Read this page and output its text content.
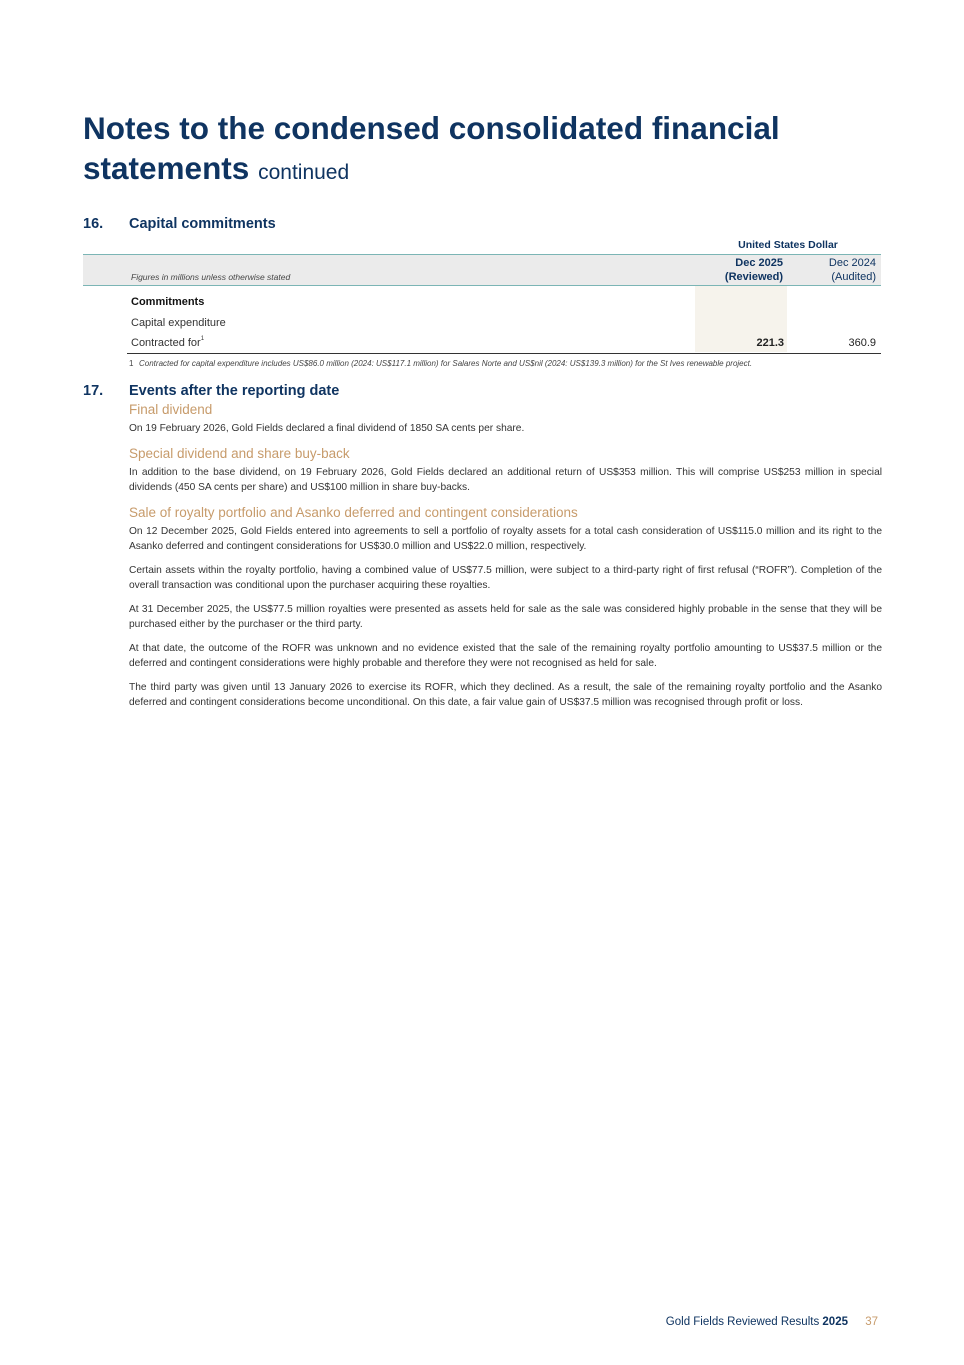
Notes to the condensed consolidated financial statements continued
16. Capital commitments
United States Dollar
Figures in millions unless otherwise stated
Dec 2025
(Reviewed)
Dec 2024
(Audited)
Commitments
Capital expenditure
Contracted for$^1$	221.3	360.9
1 Contracted for capital expenditure includes US$86.0 million (2024: US$117.1 million) for Salares Norte and US$nil (2024: US$139.3 million) for the St Ives renewable project.
17. Events after the reporting date
Final dividend

On 19 February 2026, Gold Fields declared a final dividend of 1850 SA cents per share.

Special dividend and share buy-back

In addition to the base dividend, on 19 February 2026, Gold Fields declared an additional return of US$353 million. This will comprise US$253 million in special dividends (450 SA cents per share) and US$100 million in share buy-backs.

Sale of royalty portfolio and Asanko deferred and contingent considerations

On 12 December 2025, Gold Fields entered into agreements to sell a portfolio of royalty assets for a total cash consideration of US$115.0 million and its right to the Asanko deferred and contingent considerations for US$30.0 million and US$22.0 million, respectively.

Certain assets within the royalty portfolio, having a combined value of US$77.5 million, were subject to a third-party right of first refusal (“ROFR”). Completion of the overall transaction was conditional upon the purchaser acquiring these royalties.

At 31 December 2025, the US$77.5 million royalties were presented as assets held for sale as the sale was considered highly probable in the sense that they will be purchased either by the purchaser or the third party.

At that date, the outcome of the ROFR was unknown and no evidence existed that the sale of the remaining royalty portfolio amounting to US$37.5 million or the deferred and contingent considerations were highly probable and therefore they were not recognised as held for sale.

The third party was given until 13 January 2026 to exercise its ROFR, which they declined. As a result, the sale of the remaining royalty portfolio and the Asanko deferred and contingent considerations become unconditional. On this date, a fair value gain of US$37.5 million was recognised through profit or loss.

Gold Fields Reviewed Results 2025 37
